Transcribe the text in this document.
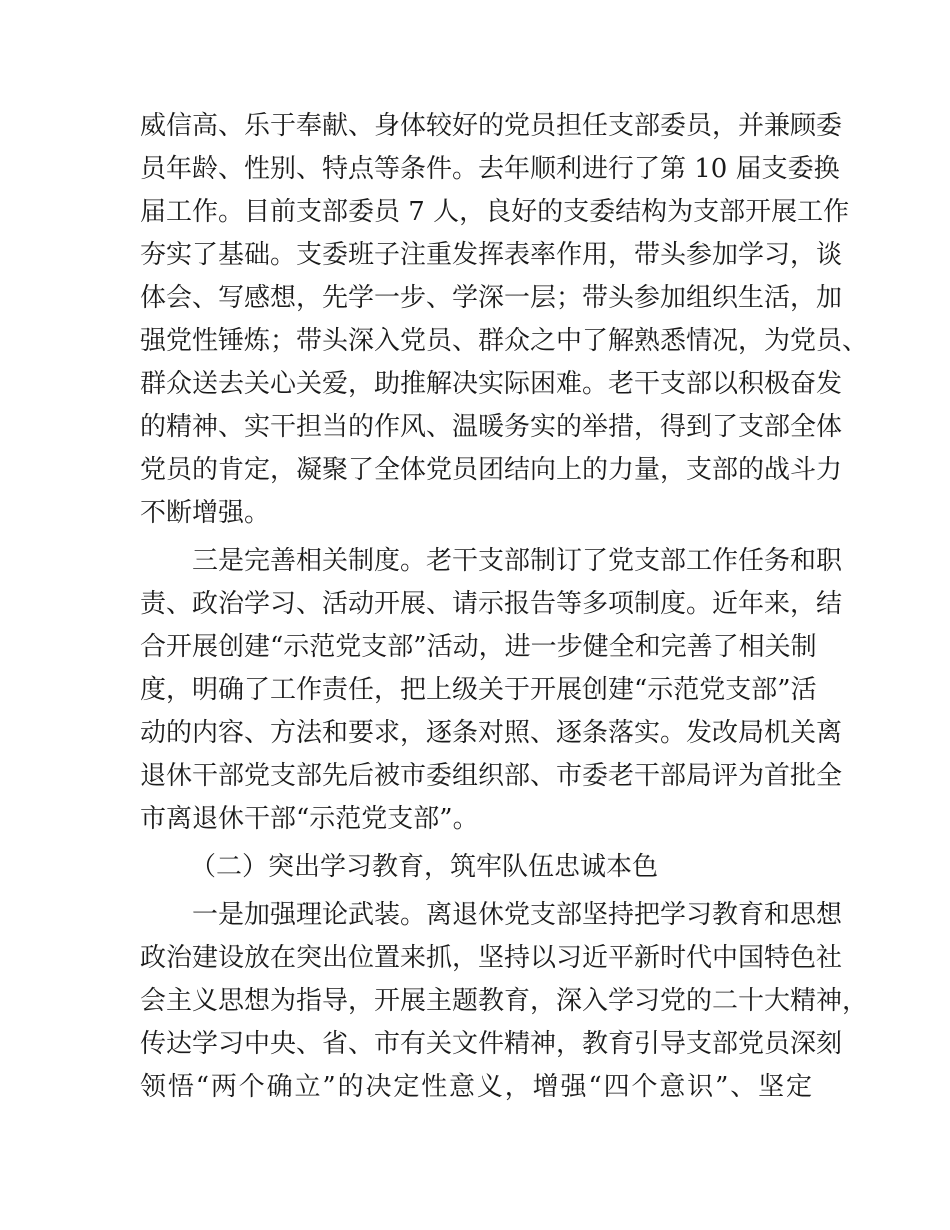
威信高、乐于奉献、身体较好的党员担任支部委员，并兼顾委
员年龄、性别、特点等条件。去年顺利进行了第 10 届支委换
届工作。目前支部委员 7 人，良好的支委结构为支部开展工作
夯实了基础。支委班子注重发挥表率作用，带头参加学习，谈
体会、写感想，先学一步、学深一层；带头参加组织生活，加
强党性锤炼；带头深入党员、群众之中了解熟悉情况，为党员、
群众送去关心关爱，助推解决实际困难。老干支部以积极奋发
的精神、实干担当的作风、温暖务实的举措，得到了支部全体
党员的肯定，凝聚了全体党员团结向上的力量，支部的战斗力
不断增强。
三是完善相关制度。老干支部制订了党支部工作任务和职
责、政治学习、活动开展、请示报告等多项制度。近年来，结
合开展创建“示范党支部”活动，进一步健全和完善了相关制
度，明确了工作责任，把上级关于开展创建“示范党支部”活
动的内容、方法和要求，逐条对照、逐条落实。发改局机关离
退休干部党支部先后被市委组织部、市委老干部局评为首批全
市离退休干部“示范党支部”。
（二）突出学习教育，筑牢队伍忠诚本色
一是加强理论武装。离退休党支部坚持把学习教育和思想
政治建设放在突出位置来抓，坚持以习近平新时代中国特色社
会主义思想为指导，开展主题教育，深入学习党的二十大精神，
传达学习中央、省、市有关文件精神，教育引导支部党员深刻
领悟“两个确立”的决定性意义，增强“四个意识”、坚定
